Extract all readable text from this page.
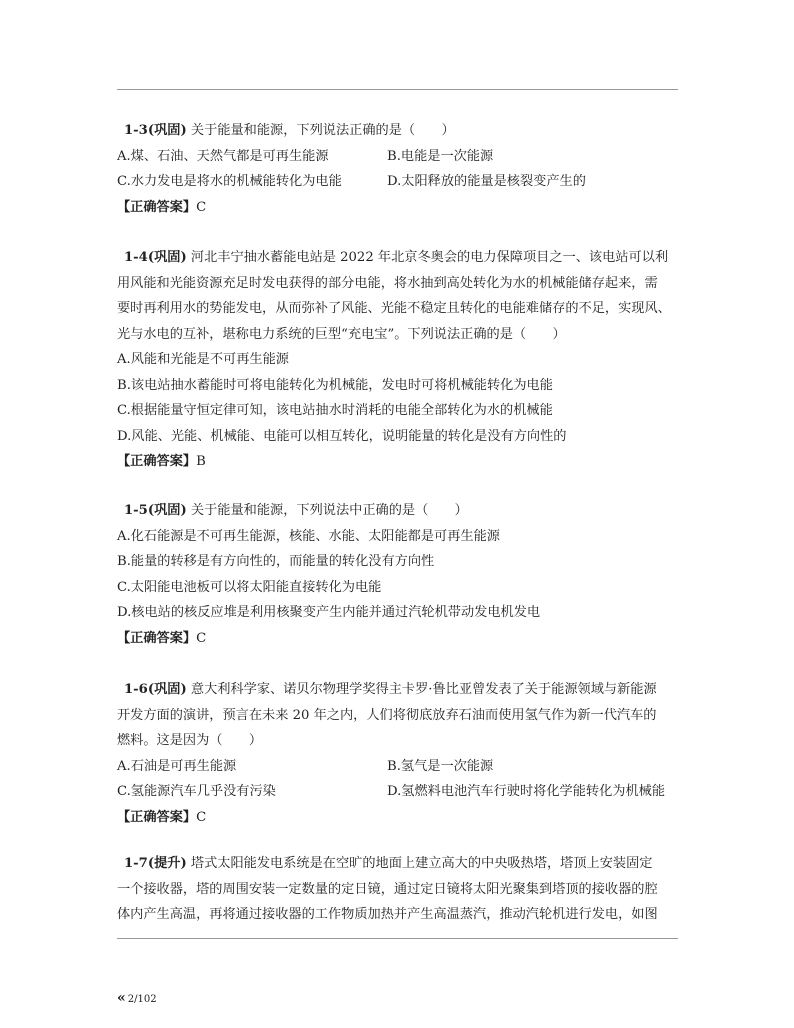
1-3(巩固) 关于能量和能源，下列说法正确的是（　　）
A.煤、石油、天然气都是可再生能源	B.电能是一次能源
C.水力发电是将水的机械能转化为电能	D.太阳释放的能量是核裂变产生的
【正确答案】C
1-4(巩固) 河北丰宁抽水蓄能电站是 2022 年北京冬奥会的电力保障项目之一、该电站可以利
用风能和光能资源充足时发电获得的部分电能，将水抽到高处转化为水的机械能储存起来，需
要时再利用水的势能发电，从而弥补了风能、光能不稳定且转化的电能难储存的不足，实现风、
光与水电的互补，堪称电力系统的巨型“充电宝”。下列说法正确的是（　　）
A.风能和光能是不可再生能源
B.该电站抽水蓄能时可将电能转化为机械能，发电时可将机械能转化为电能
C.根据能量守恒定律可知，该电站抽水时消耗的电能全部转化为水的机械能
D.风能、光能、机械能、电能可以相互转化，说明能量的转化是没有方向性的
【正确答案】B
1-5(巩固) 关于能量和能源，下列说法中正确的是（　　）
A.化石能源是不可再生能源，核能、水能、太阳能都是可再生能源
B.能量的转移是有方向性的，而能量的转化没有方向性
C.太阳能电池板可以将太阳能直接转化为电能
D.核电站的核反应堆是利用核聚变产生内能并通过汽轮机带动发电机发电
【正确答案】C
1-6(巩固) 意大利科学家、诺贝尔物理学奖得主卡罗·鲁比亚曾发表了关于能源领域与新能源
开发方面的演讲，预言在未来 20 年之内，人们将彻底放弃石油而使用氢气作为新一代汽车的
燃料。这是因为（　　）
A.石油是可再生能源	B.氢气是一次能源
C.氢能源汽车几乎没有污染	D.氢燃料电池汽车行驶时将化学能转化为机械能
【正确答案】C
1-7(提升) 塔式太阳能发电系统是在空旷的地面上建立高大的中央吸热塔，塔顶上安装固定
一个接收器，塔的周围安装一定数量的定日镜，通过定日镜将太阳光聚集到塔顶的接收器的腔
体内产生高温，再将通过接收器的工作物质加热并产生高温蒸汽，推动汽轮机进行发电，如图
« 2/102
